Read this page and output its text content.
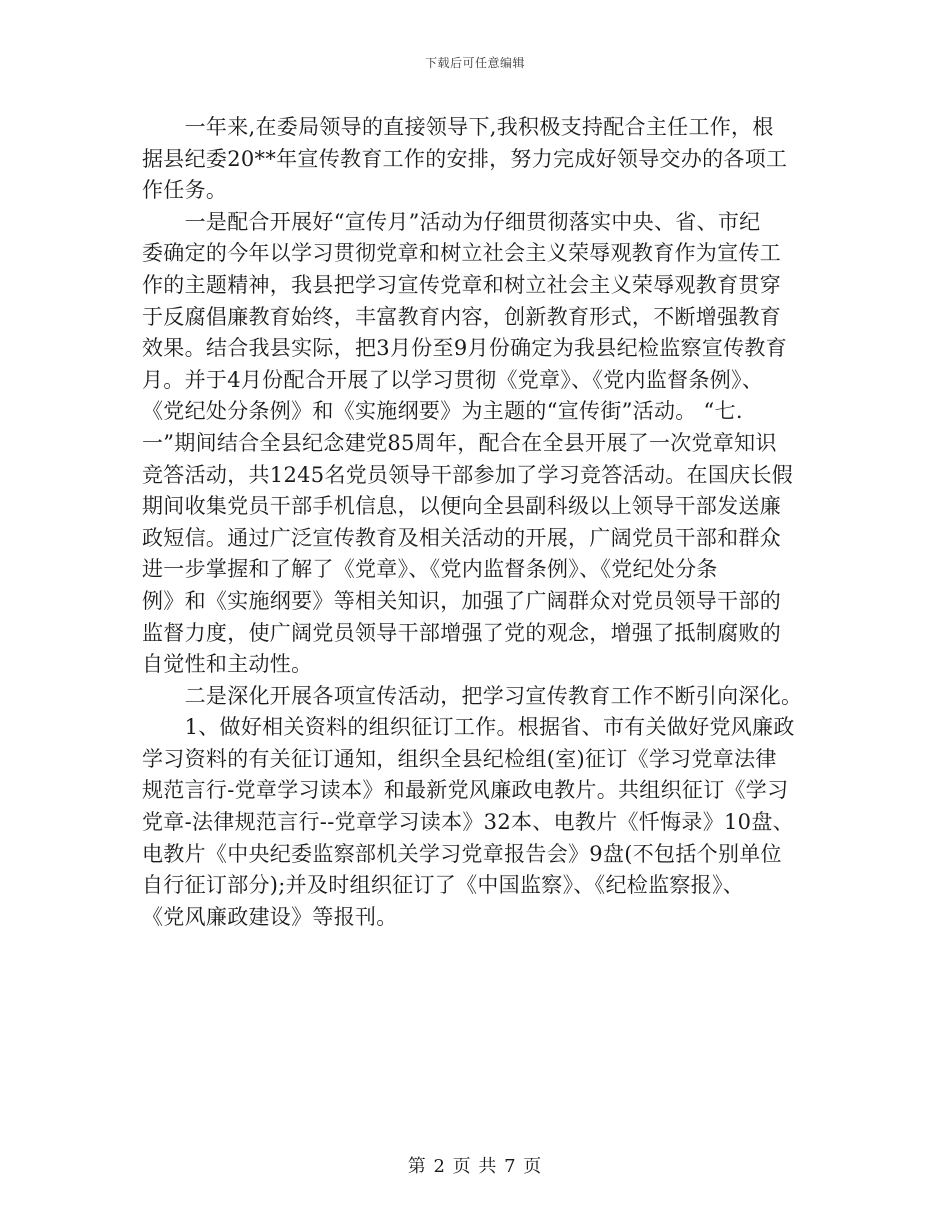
下载后可任意编辑
　　一年来,在委局领导的直接领导下,我积极支持配合主任工作，根
据县纪委20**年宣传教育工作的安排，努力完成好领导交办的各项工
作任务。
　　一是配合开展好“宣传月”活动为仔细贯彻落实中央、省、市纪
委确定的今年以学习贯彻党章和树立社会主义荣辱观教育作为宣传工
作的主题精神，我县把学习宣传党章和树立社会主义荣辱观教育贯穿
于反腐倡廉教育始终，丰富教育内容，创新教育形式，不断增强教育
效果。结合我县实际，把3月份至9月份确定为我县纪检监察宣传教育
月。并于4月份配合开展了以学习贯彻《党章》、《党内监督条例》、
《党纪处分条例》和《实施纲要》为主题的“宣传街”活动。 “七.
一”期间结合全县纪念建党85周年，配合在全县开展了一次党章知识
竞答活动，共1245名党员领导干部参加了学习竞答活动。在国庆长假
期间收集党员干部手机信息，以便向全县副科级以上领导干部发送廉
政短信。通过广泛宣传教育及相关活动的开展，广阔党员干部和群众
进一步掌握和了解了《党章》、《党内监督条例》、《党纪处分条
例》和《实施纲要》等相关知识，加强了广阔群众对党员领导干部的
监督力度，使广阔党员领导干部增强了党的观念，增强了抵制腐败的
自觉性和主动性。
　　二是深化开展各项宣传活动，把学习宣传教育工作不断引向深化。
　　1、做好相关资料的组织征订工作。根据省、市有关做好党风廉政
学习资料的有关征订通知，组织全县纪检组(室)征订《学习党章法律
规范言行-党章学习读本》和最新党风廉政电教片。共组织征订《学习
党章-法律规范言行--党章学习读本》32本、电教片《忏悔录》10盘、
电教片《中央纪委监察部机关学习党章报告会》9盘(不包括个别单位
自行征订部分);并及时组织征订了《中国监察》、《纪检监察报》、
《党风廉政建设》等报刊。
第 2 页 共 7 页
